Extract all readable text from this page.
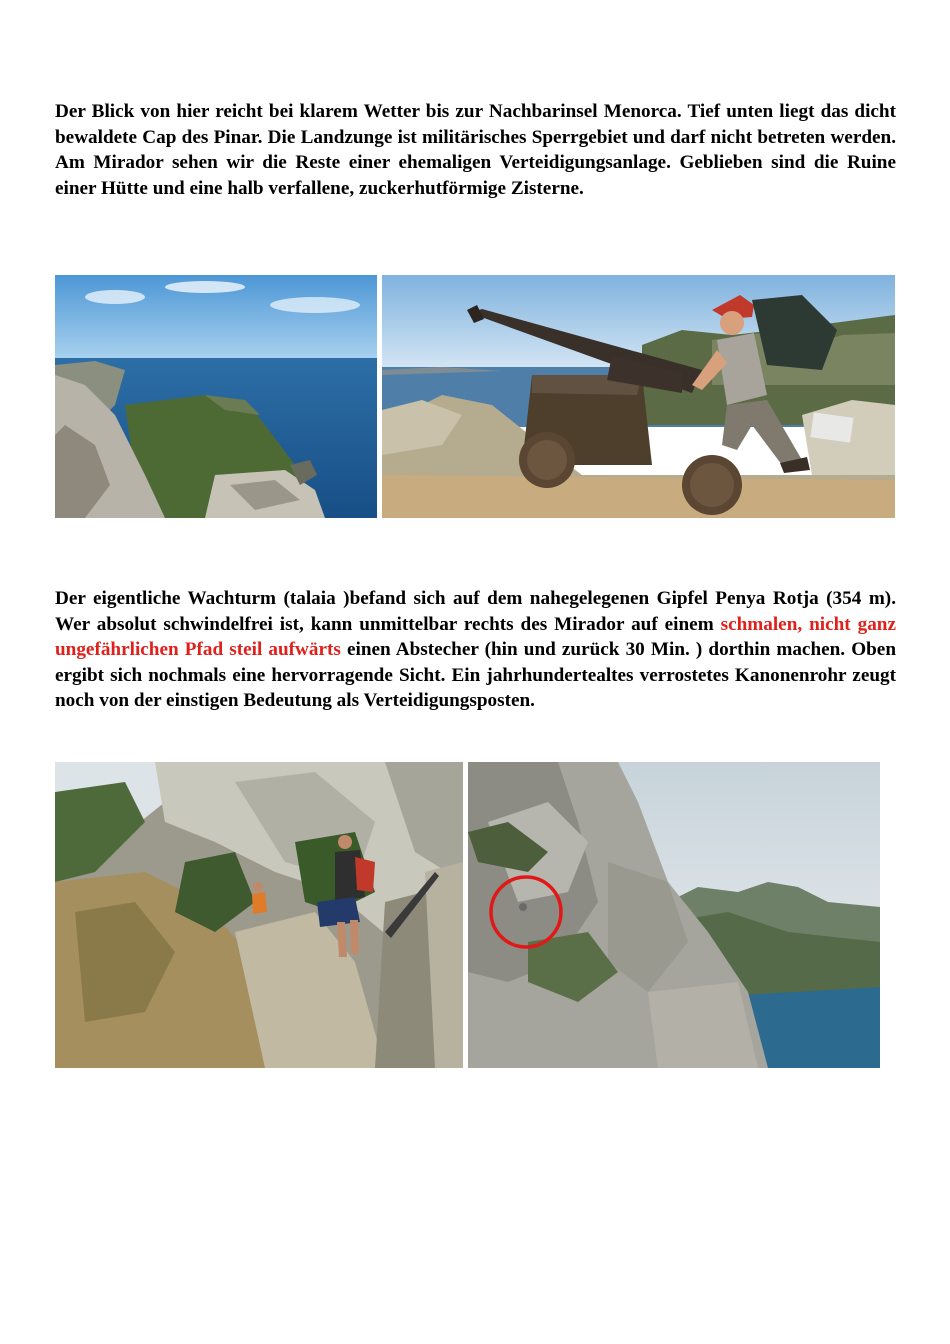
Der Blick von hier reicht bei klarem Wetter bis zur Nachbarinsel Menorca. Tief unten liegt das dicht bewaldete Cap des Pinar. Die Landzunge ist militärisches Sperrgebiet und darf nicht betreten werden. Am Mirador sehen wir die Reste einer ehemaligen Verteidigungsanlage. Geblieben sind die Ruine einer Hütte und eine halb verfallene, zuckerhutförmige Zisterne.

Der eigentliche Wachturm (talaia )befand sich auf dem nahegelegenen Gipfel Penya Rotja (354 m). Wer absolut schwindelfrei ist, kann unmittelbar rechts des Mirador auf einem schmalen, nicht ganz ungefährlichen Pfad steil aufwärts einen Abstecher (hin und zurück 30 Min. ) dorthin machen. Oben ergibt sich nochmals eine hervorragende Sicht. Ein jahrhundertealtes verrostetes Kanonenrohr zeugt noch von der einstigen Bedeutung als Verteidigungsposten.
